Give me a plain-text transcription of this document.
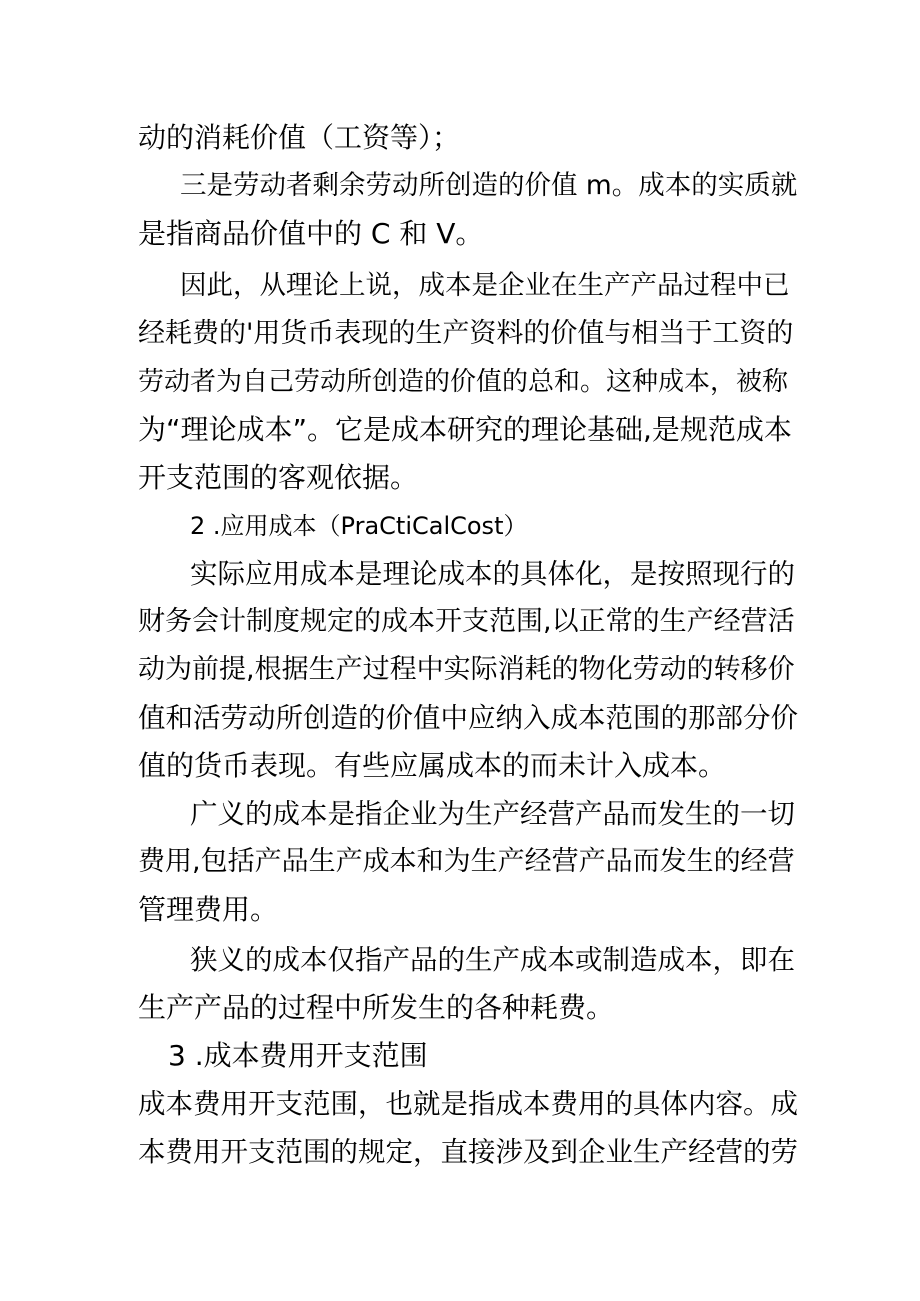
动的消耗价值（工资等）；
三是劳动者剩余劳动所创造的价值 m。成本的实质就
是指商品价值中的 C 和 V。
因此，从理论上说，成本是企业在生产产品过程中已
经耗费的'用货币表现的生产资料的价值与相当于工资的
劳动者为自己劳动所创造的价值的总和。这种成本，被称
为“理论成本”。它是成本研究的理论基础,是规范成本
开支范围的客观依据。
2 .应用成本（PraCtiCalCost）
实际应用成本是理论成本的具体化，是按照现行的
财务会计制度规定的成本开支范围,以正常的生产经营活
动为前提,根据生产过程中实际消耗的物化劳动的转移价
值和活劳动所创造的价值中应纳入成本范围的那部分价
值的货币表现。有些应属成本的而未计入成本。
广义的成本是指企业为生产经营产品而发生的一切
费用,包括产品生产成本和为生产经营产品而发生的经营
管理费用。
狭义的成本仅指产品的生产成本或制造成本，即在
生产产品的过程中所发生的各种耗费。
3 .成本费用开支范围
成本费用开支范围，也就是指成本费用的具体内容。成
本费用开支范围的规定，直接涉及到企业生产经营的劳
